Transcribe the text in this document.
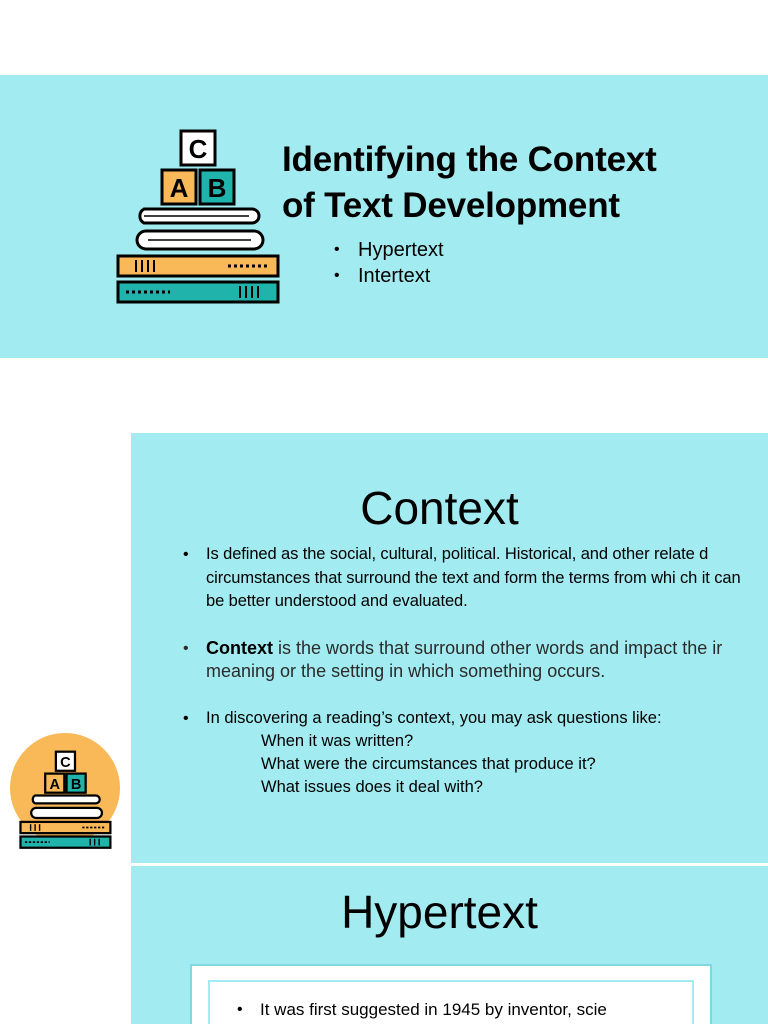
C
A B
Identifying the Context
of Text Development
• Hypertext
• Intertext
Context
• Is defined as the social, cultural, political. Historical, and other relate d circumstances that surround the text and form the terms from whi ch it can be better understood and evaluated.
• Context is the words that surround other words and impact the ir meaning or the setting in which something occurs.
• In discovering a reading’s context, you may ask questions like:
When it was written?
What were the circumstances that produce it?
What issues does it deal with?
C
A B
Hypertext
• It was first suggested in 1945 by inventor, scie
